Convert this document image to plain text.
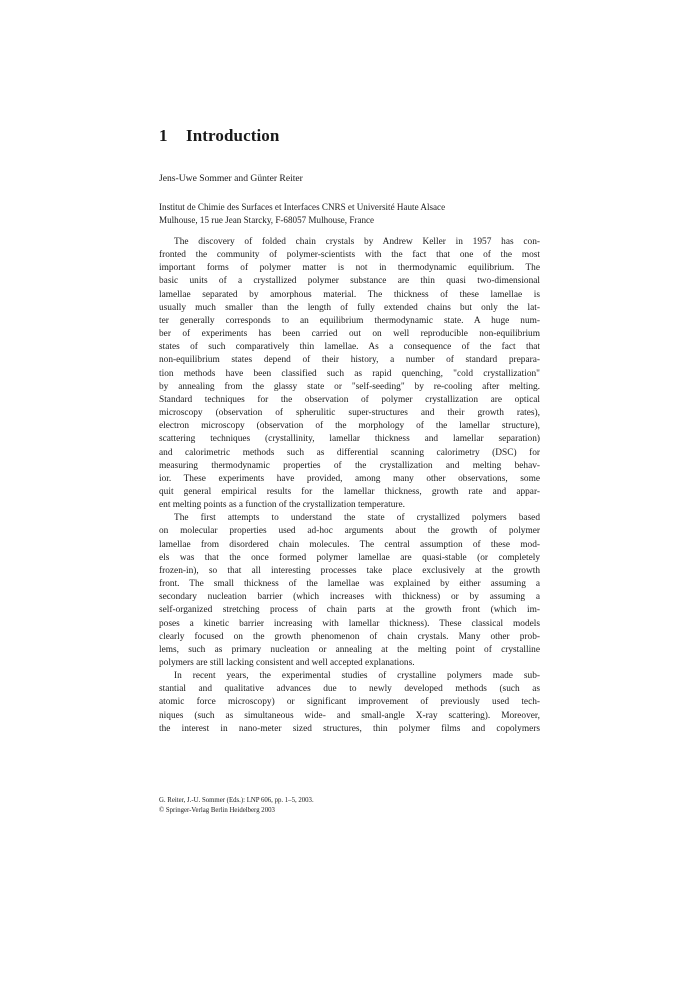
1 Introduction
Jens-Uwe Sommer and Günter Reiter
Institut de Chimie des Surfaces et Interfaces CNRS et Université Haute Alsace
Mulhouse, 15 rue Jean Starcky, F-68057 Mulhouse, France
The discovery of folded chain crystals by Andrew Keller in 1957 has con-
fronted the community of polymer-scientists with the fact that one of the most
important forms of polymer matter is not in thermodynamic equilibrium. The
basic units of a crystallized polymer substance are thin quasi two-dimensional
lamellae separated by amorphous material. The thickness of these lamellae is
usually much smaller than the length of fully extended chains but only the lat-
ter generally corresponds to an equilibrium thermodynamic state. A huge num-
ber of experiments has been carried out on well reproducible non-equilibrium
states of such comparatively thin lamellae. As a consequence of the fact that
non-equilibrium states depend of their history, a number of standard prepara-
tion methods have been classified such as rapid quenching, "cold crystallization"
by annealing from the glassy state or "self-seeding" by re-cooling after melting.
Standard techniques for the observation of polymer crystallization are optical
microscopy (observation of spherulitic super-structures and their growth rates),
electron microscopy (observation of the morphology of the lamellar structure),
scattering techniques (crystallinity, lamellar thickness and lamellar separation)
and calorimetric methods such as differential scanning calorimetry (DSC) for
measuring thermodynamic properties of the crystallization and melting behav-
ior. These experiments have provided, among many other observations, some
quit general empirical results for the lamellar thickness, growth rate and appar-
ent melting points as a function of the crystallization temperature.
The first attempts to understand the state of crystallized polymers based
on molecular properties used ad-hoc arguments about the growth of polymer
lamellae from disordered chain molecules. The central assumption of these mod-
els was that the once formed polymer lamellae are quasi-stable (or completely
frozen-in), so that all interesting processes take place exclusively at the growth
front. The small thickness of the lamellae was explained by either assuming a
secondary nucleation barrier (which increases with thickness) or by assuming a
self-organized stretching process of chain parts at the growth front (which im-
poses a kinetic barrier increasing with lamellar thickness). These classical models
clearly focused on the growth phenomenon of chain crystals. Many other prob-
lems, such as primary nucleation or annealing at the melting point of crystalline
polymers are still lacking consistent and well accepted explanations.
In recent years, the experimental studies of crystalline polymers made sub-
stantial and qualitative advances due to newly developed methods (such as
atomic force microscopy) or significant improvement of previously used tech-
niques (such as simultaneous wide- and small-angle X-ray scattering). Moreover,
the interest in nano-meter sized structures, thin polymer films and copolymers
G. Reiter, J.-U. Sommer (Eds.): LNP 606, pp. 1–5, 2003.
© Springer-Verlag Berlin Heidelberg 2003
